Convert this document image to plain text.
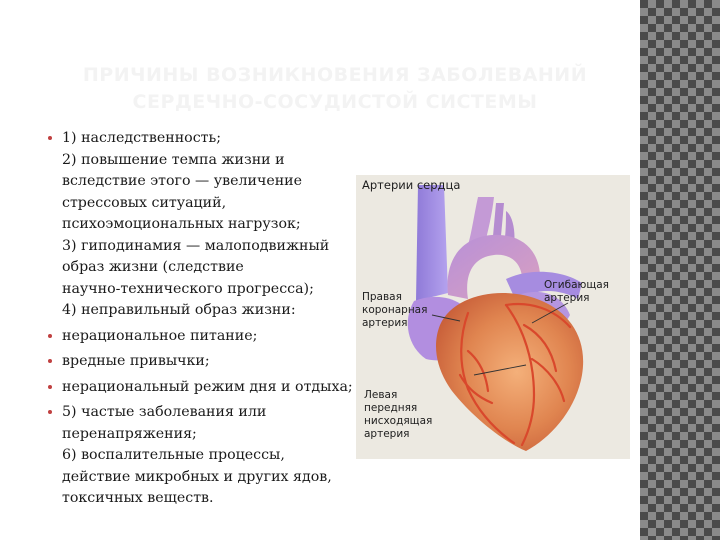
ПРИЧИНЫ ВОЗНИКНОВЕНИЯ ЗАБОЛЕВАНИЙ
СЕРДЕЧНО-СОСУДИСТОЙ СИСТЕМЫ
1) наследственность;
2) повышение темпа жизни и
вследствие этого — увеличение
стрессовых ситуаций,
психоэмоциональных нагрузок;
3) гиподинамия — малоподвижный
образ жизни (следствие
научно-технического прогресса);
4) неправильный образ жизни:
нерациональное питание;
вредные привычки;
нерациональный режим дня и отдыха;
5) частые заболевания или
перенапряжения;
6) воспалительные процессы,
действие микробных и других ядов,
токсичных веществ.
Артерии сердца
Огибающая
артерия
Правая
коронарная
артерия
Левая
передняя
нисходящая
артерия
